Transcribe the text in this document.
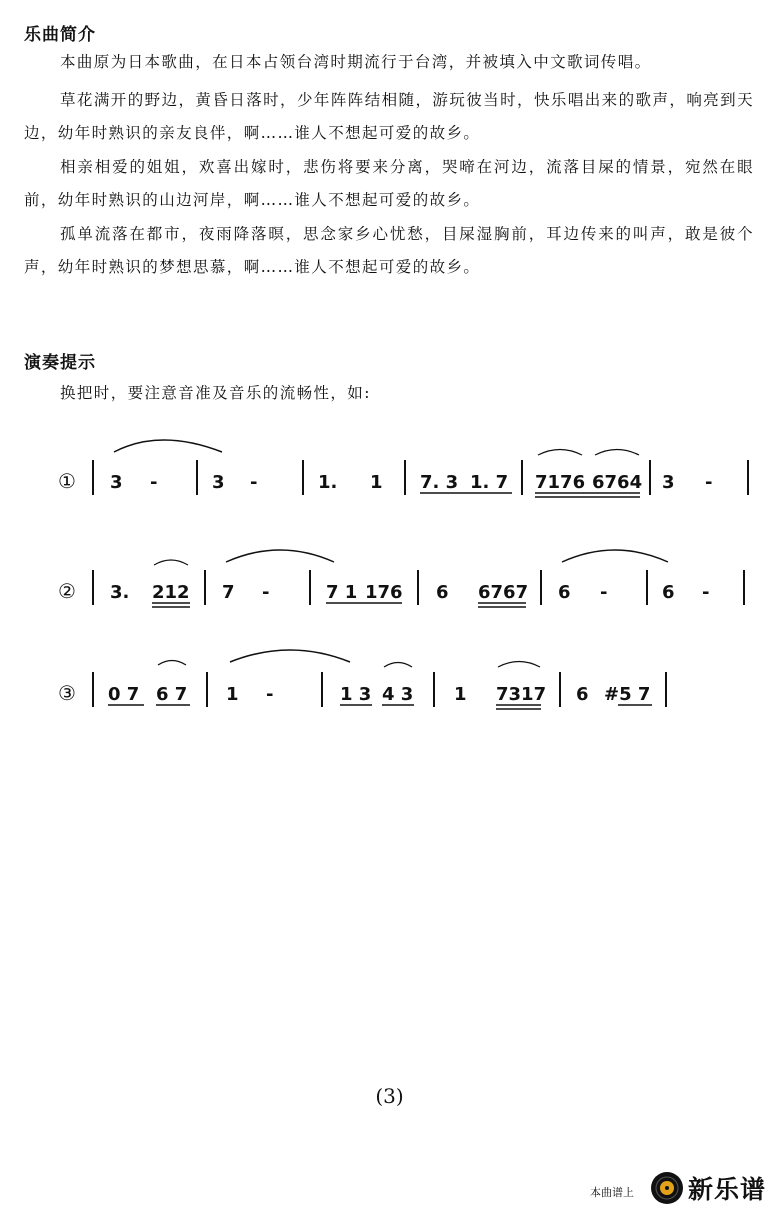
乐曲简介
本曲原为日本歌曲，在日本占领台湾时期流行于台湾，并被填入中文歌词传唱。
草花满开的野边，黄昏日落时，少年阵阵结相随，游玩彼当时，快乐唱出来的歌声，响亮到天边，幼年时熟识的亲友良伴，啊……谁人不想起可爱的故乡。
相亲相爱的姐姐，欢喜出嫁时，悲伤将要来分离，哭啼在河边，流落目屎的情景，宛然在眼前，幼年时熟识的山边河岸，啊……谁人不想起可爱的故乡。
孤单流落在都市，夜雨降落暝，思念家乡心忧愁，目屎湿胸前，耳边传来的叫声，敢是彼个声，幼年时熟识的梦想思慕，啊……谁人不想起可爱的故乡。
演奏提示
换把时，要注意音准及音乐的流畅性，如:
① 3 -	3 -	1. 1 7. 3 1. 7 7176 6764 3 -
② 3. 212 7 -	7 1 176 6 6767 6 -	6 -
③ 0 7 6 7 1 -	1 3 4 3 1 7317 6 #5 7
(3)
本曲谱上 新乐谱
